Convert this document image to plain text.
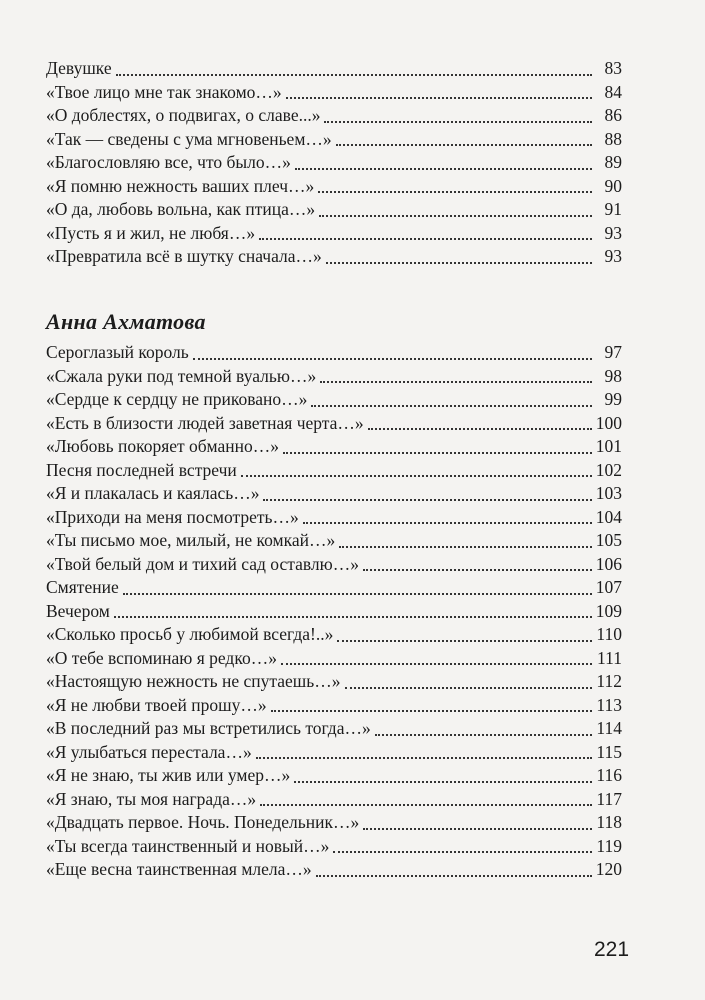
Девушке	83
«Твое лицо мне так знакомо…»	84
«О доблестях, о подвигах, о славе...»	86
«Так — сведены с ума мгновеньем…»	88
«Благословляю все, что было…»	89
«Я помню нежность ваших плеч…»	90
«О да, любовь вольна, как птица…»	91
«Пусть я и жил, не любя…»	93
«Превратила всё в шутку сначала…»	93
Анна Ахматова
Сероглазый король	97
«Сжала руки под темной вуалью…»	98
«Сердце к сердцу не приковано…»	99
«Есть в близости людей заветная черта…»	100
«Любовь покоряет обманно…»	101
Песня последней встречи	102
«Я и плакалась и каялась…»	103
«Приходи на меня посмотреть…»	104
«Ты письмо мое, милый, не комкай…»	105
«Твой белый дом и тихий сад оставлю…»	106
Смятение	107
Вечером	109
«Сколько просьб у любимой всегда!..»	110
«О тебе вспоминаю я редко…»	111
«Настоящую нежность не спутаешь…»	112
«Я не любви твоей прошу…»	113
«В последний раз мы встретились тогда…»	114
«Я улыбаться перестала…»	115
«Я не знаю, ты жив или умер…»	116
«Я знаю, ты моя награда…»	117
«Двадцать первое. Ночь. Понедельник…»	118
«Ты всегда таинственный и новый…»	119
«Еще весна таинственная млела…»	120
221
